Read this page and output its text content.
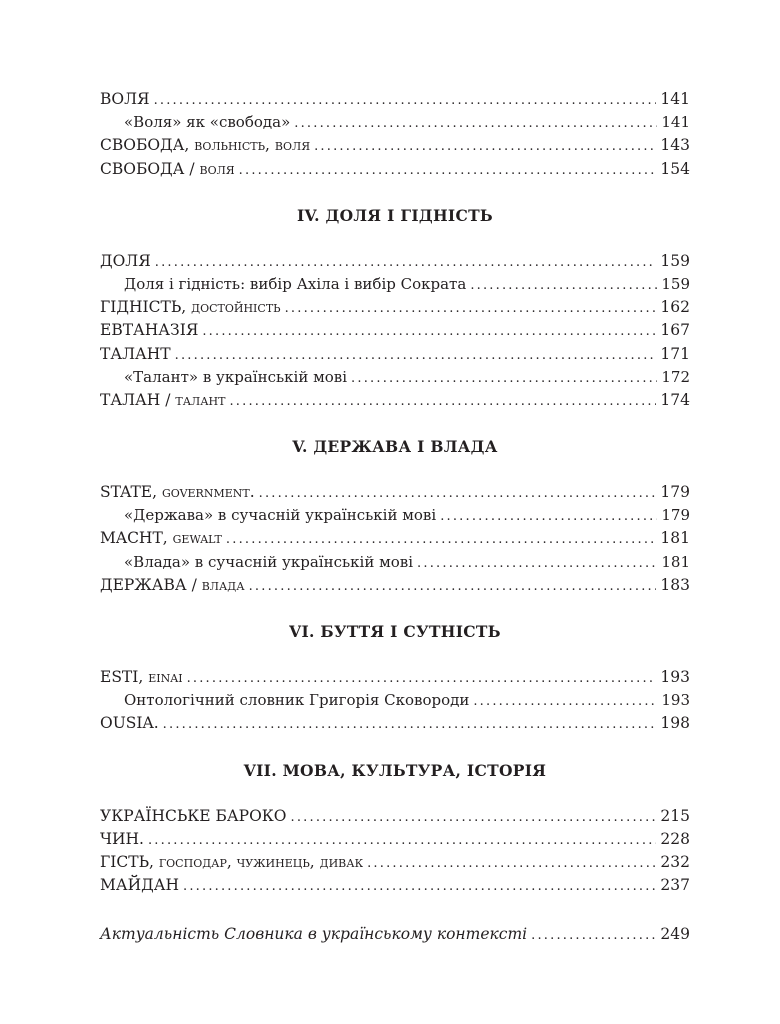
ВОЛЯ .....	141
«Воля» як «свобода» .....	141
СВОБОДА, вольність, воля .....	143
СВОБОДА / воля .....	154
IV. ДОЛЯ І ГІДНІСТЬ
ДОЛЯ .....	159
Доля і гідність: вибір Ахіла і вибір Сократа .....	159
ГІДНІСТЬ, достойність .....	162
ЕВТАНАЗІЯ .....	167
ТАЛАНТ .....	171
«Талант» в українській мові .....	172
ТАЛАН / талант .....	174
V. ДЕРЖАВА І ВЛАДА
STATE, government. .....	179
«Держава» в сучасній українській мові .....	179
MACHT, gewalt .....	181
«Влада» в сучасній українській мові .....	181
ДЕРЖАВА / влада .....	183
VI. БУТТЯ І СУТНІСТЬ
ESTI, einai .....	193
Онтологічний словник Григорія Сковороди .....	193
OUSIA. .....	198
VII. МОВА, КУЛЬТУРА, ІСТОРІЯ
УКРАЇНСЬКЕ БАРОКО .....	215
ЧИН. .....	228
ГІСТЬ, господар, чужинець, дивак .....	232
МАЙДАН .....	237
Актуальність Словника в українському контексті .....	249
